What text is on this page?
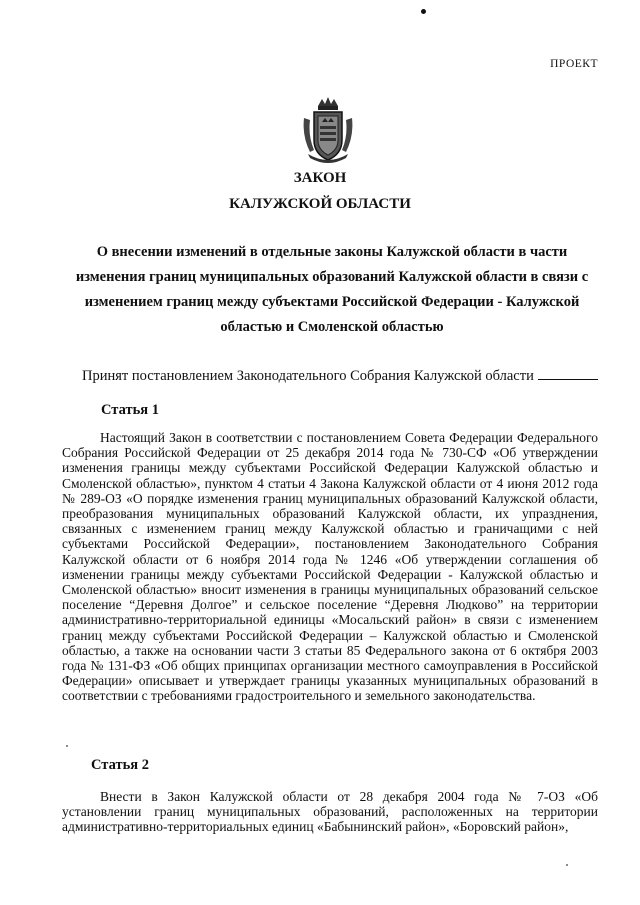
ПРОЕКТ
ЗАКОН
КАЛУЖСКОЙ ОБЛАСТИ
О внесении изменений в отдельные законы Калужской области в части изменения границ муниципальных образований Калужской области в связи с изменением границ между субъектами Российской Федерации - Калужской областью и Смоленской областью
Принят постановлением Законодательного Собрания Калужской области
Статья 1

Настоящий Закон в соответствии с постановлением Совета Федерации Федерального Собрания Российской Федерации от 25 декабря 2014 года № 730-СФ «Об утверждении изменения границы между субъектами Российской Федерации Калужской областью и Смоленской областью», пунктом 4 статьи 4 Закона Калужской области от 4 июня 2012 года № 289-ОЗ «О порядке изменения границ муниципальных образований Калужской области, преобразования муниципальных образований Калужской области, их упразднения, связанных с изменением границ между Калужской областью и граничащими с ней субъектами Российской Федерации», постановлением Законодательного Собрания Калужской области от 6 ноября 2014 года № 1246 «Об утверждении соглашения об изменении границы между субъектами Российской Федерации - Калужской областью и Смоленской областью» вносит изменения в границы муниципальных образований сельское поселение “Деревня Долгое” и сельское поселение “Деревня Людково” на территории административно-территориальной единицы «Мосальский район» в связи с изменением границ между субъектами Российской Федерации – Калужской областью и Смоленской областью, а также на основании части 3 статьи 85 Федерального закона от 6 октября 2003 года № 131-ФЗ «Об общих принципах организации местного самоуправления в Российской Федерации» описывает и утверждает границы указанных муниципальных образований в соответствии с требованиями градостроительного и земельного законодательства.

Статья 2

Внести в Закон Калужской области от 28 декабря 2004 года № 7-ОЗ «Об установлении границ муниципальных образований, расположенных на территории административно-территориальных единиц «Бабынинский район», «Боровский район»,
